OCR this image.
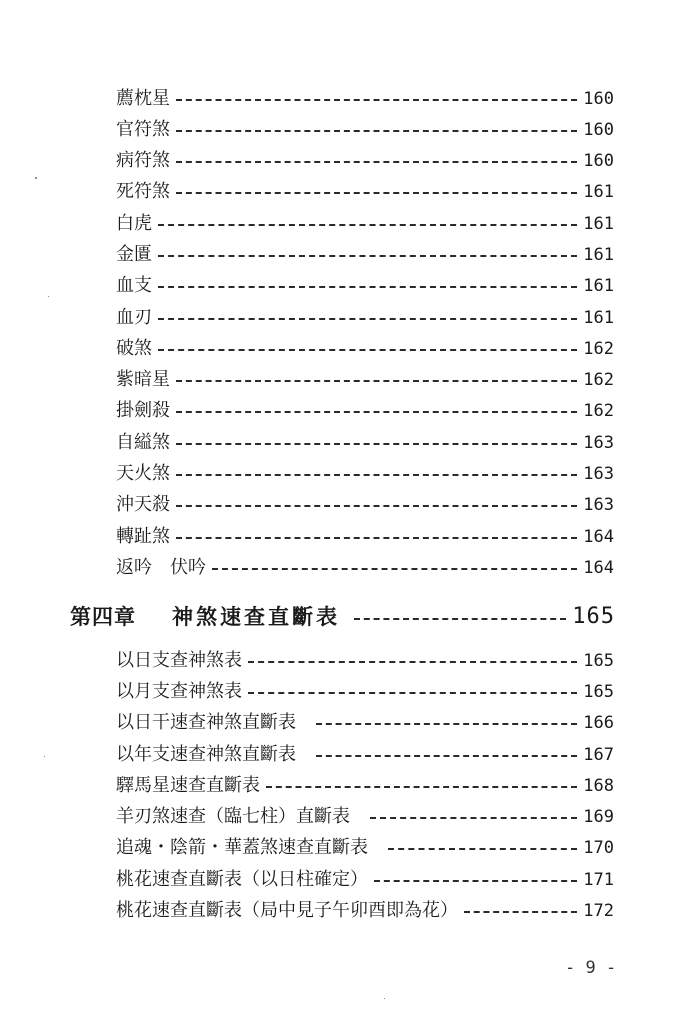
薦枕星	160
官符煞	160
病符煞	160
死符煞	161
白虎	161
金匱	161
血支	161
血刃	161
破煞	162
紫暗星	162
掛劍殺	162
自縊煞	163
天火煞	163
沖天殺	163
轉趾煞	164
返吟　伏吟	164
第四章 神煞速查直斷表	165
以日支查神煞表	165
以月支查神煞表	165
以日干速查神煞直斷表	166
以年支速查神煞直斷表	167
驛馬星速查直斷表	168
羊刃煞速查（臨七柱）直斷表	169
追魂・陰箭・華蓋煞速查直斷表	170
桃花速查直斷表（以日柱確定）	171
桃花速查直斷表（局中見子午卯酉即為花）	172
- 9 -
